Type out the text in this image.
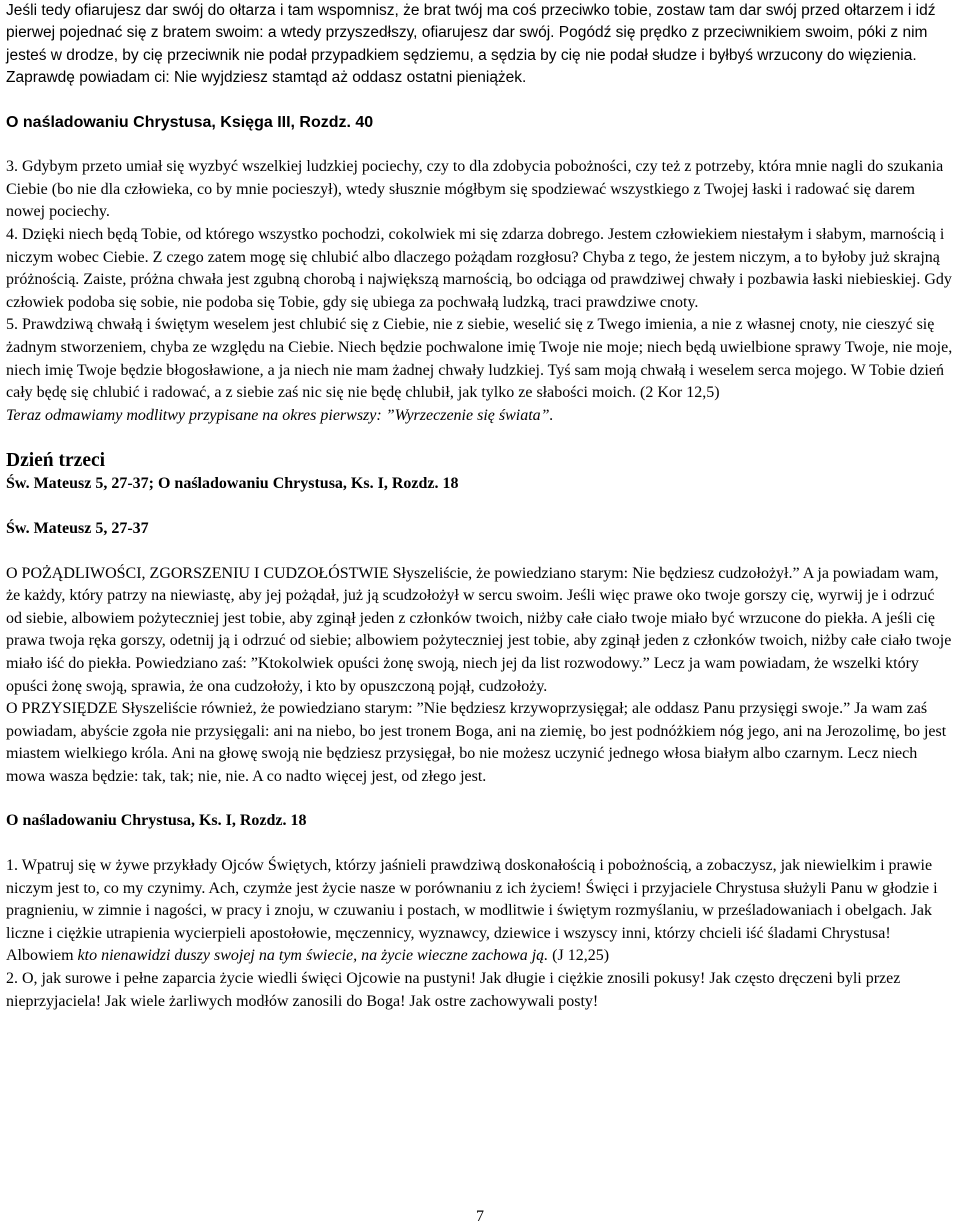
Jeśli tedy ofiarujesz dar swój do ołtarza i tam wspomnisz, że brat twój ma coś przeciwko tobie, zostaw tam dar swój przed ołtarzem i idź pierwej pojednać się z bratem swoim: a wtedy przyszedłszy, ofiarujesz dar swój. Pogódź się prędko z przeciwnikiem swoim, póki z nim jesteś w drodze, by cię przeciwnik nie podał przypadkiem sędziemu, a sędzia by cię nie podał słudze i byłbyś wrzucony do więzienia. Zaprawdę powiadam ci: Nie wyjdziesz stamtąd aż oddasz ostatni pieniążek.

O naśladowaniu Chrystusa, Księga III, Rozdz. 40

3. Gdybym przeto umiał się wyzbyć wszelkiej ludzkiej pociechy, czy to dla zdobycia pobożności, czy też z potrzeby, która mnie nagli do szukania Ciebie (bo nie dla człowieka, co by mnie pocieszył), wtedy słusznie mógłbym się spodziewać wszystkiego z Twojej łaski i radować się darem nowej pociechy.

4. Dzięki niech będą Tobie, od którego wszystko pochodzi, cokolwiek mi się zdarza dobrego. Jestem człowiekiem niestałym i słabym, marnością i niczym wobec Ciebie. Z czego zatem mogę się chlubić albo dlaczego pożądam rozgłosu? Chyba z tego, że jestem niczym, a to byłoby już skrajną próżnością. Zaiste, próżna chwała jest zgubną chorobą i największą marnością, bo odciąga od prawdziwej chwały i pozbawia łaski niebieskiej. Gdy człowiek podoba się sobie, nie podoba się Tobie, gdy się ubiega za pochwałą ludzką, traci prawdziwe cnoty.

5. Prawdziwą chwałą i świętym weselem jest chlubić się z Ciebie, nie z siebie, weselić się z Twego imienia, a nie z własnej cnoty, nie cieszyć się żadnym stworzeniem, chyba ze względu na Ciebie. Niech będzie pochwalone imię Twoje nie moje; niech będą uwielbione sprawy Twoje, nie moje, niech imię Twoje będzie błogosławione, a ja niech nie mam żadnej chwały ludzkiej. Tyś sam moją chwałą i weselem serca mojego. W Tobie dzień cały będę się chlubić i radować, a z siebie zaś nic się nie będę chlubił, jak tylko ze słabości moich. (2 Kor 12,5)

Teraz odmawiamy modlitwy przypisane na okres pierwszy: ”Wyrzeczenie się świata”.

Dzień trzeci

Św. Mateusz 5, 27-37; O naśladowaniu Chrystusa, Ks. I, Rozdz. 18

Św. Mateusz 5, 27-37

O POŻĄDLIWOŚCI, ZGORSZENIU I CUDZOŁÓSTWIE Słyszeliście, że powiedziano starym: Nie będziesz cudzołożył.” A ja powiadam wam, że każdy, który patrzy na niewiastę, aby jej pożądał, już ją scudzołożył w sercu swoim. Jeśli więc prawe oko twoje gorszy cię, wyrwij je i odrzuć od siebie, albowiem pożyteczniej jest tobie, aby zginął jeden z członków twoich, niżby całe ciało twoje miało być wrzucone do piekła. A jeśli cię prawa twoja ręka gorszy, odetnij ją i odrzuć od siebie; albowiem pożyteczniej jest tobie, aby zginął jeden z członków twoich, niżby całe ciało twoje miało iść do piekła. Powiedziano zaś: ”Ktokolwiek opuści żonę swoją, niech jej da list rozwodowy.” Lecz ja wam powiadam, że wszelki który opuści żonę swoją, sprawia, że ona cudzołoży, i kto by opuszczoną pojął, cudzołoży.

O PRZYSIĘDZE Słyszeliście również, że powiedziano starym: ”Nie będziesz krzywoprzysięgał; ale oddasz Panu przysięgi swoje.” Ja wam zaś powiadam, abyście zgoła nie przysięgali: ani na niebo, bo jest tronem Boga, ani na ziemię, bo jest podnóżkiem nóg jego, ani na Jerozolimę, bo jest miastem wielkiego króla. Ani na głowę swoją nie będziesz przysięgał, bo nie możesz uczynić jednego włosa białym albo czarnym. Lecz niech mowa wasza będzie: tak, tak; nie, nie. A co nadto więcej jest, od złego jest.

O naśladowaniu Chrystusa, Ks. I, Rozdz. 18

1. Wpatruj się w żywe przykłady Ojców Świętych, którzy jaśnieli prawdziwą doskonałością i pobożnością, a zobaczysz, jak niewielkim i prawie niczym jest to, co my czynimy. Ach, czymże jest życie nasze w porównaniu z ich życiem! Święci i przyjaciele Chrystusa służyli Panu w głodzie i pragnieniu, w zimnie i nagości, w pracy i znoju, w czuwaniu i postach, w modlitwie i świętym rozmyślaniu, w prześladowaniach i obelgach. Jak liczne i ciężkie utrapienia wycierpieli apostołowie, męczennicy, wyznawcy, dziewice i wszyscy inni, którzy chcieli iść śladami Chrystusa! Albowiem kto nienawidzi duszy swojej na tym świecie, na życie wieczne zachowa ją. (J 12,25)

2. O, jak surowe i pełne zaparcia życie wiedli święci Ojcowie na pustyni! Jak długie i ciężkie znosili pokusy! Jak często dręczeni byli przez nieprzyjaciela! Jak wiele żarliwych modłów zanosili do Boga! Jak ostre zachowywali posty!

7
